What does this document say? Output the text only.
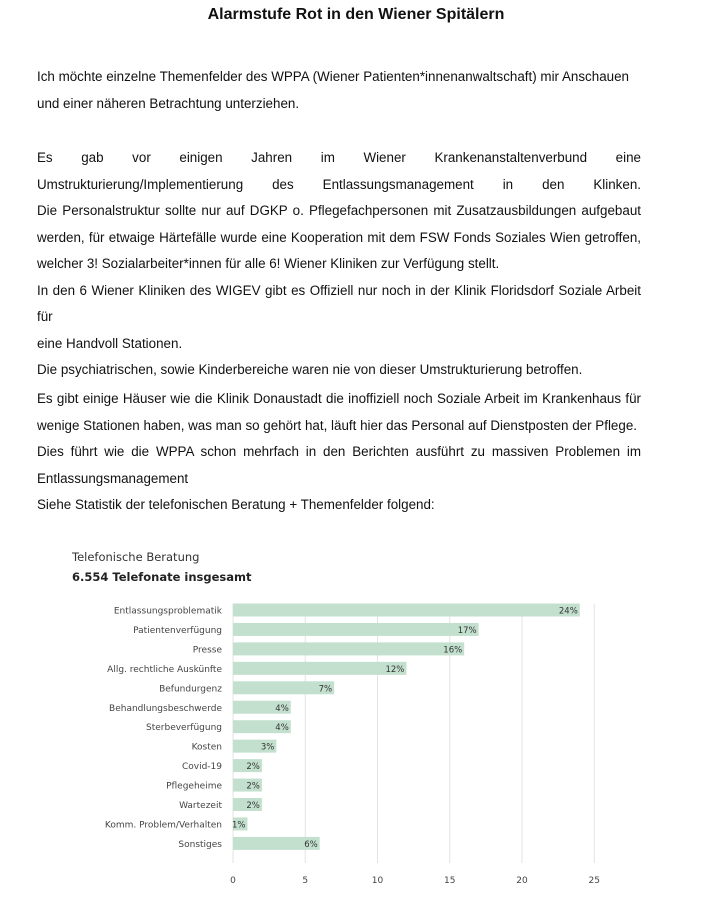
Alarmstufe Rot in den Wiener Spitälern
Ich möchte einzelne Themenfelder des WPPA (Wiener Patienten*innenanwaltschaft) mir Anschauen
und einer näheren Betrachtung unterziehen.
Es gab vor einigen Jahren im Wiener Krankenanstaltenverbund eine
Umstrukturierung/Implementierung des Entlassungsmanagement in den Klinken.
Die Personalstruktur sollte nur auf DGKP o. Pflegefachpersonen mit Zusatzausbildungen aufgebaut
werden, für etwaige Härtefälle wurde eine Kooperation mit dem FSW Fonds Soziales Wien getroffen,
welcher 3! Sozialarbeiter*innen für alle 6! Wiener Kliniken zur Verfügung stellt.
In den 6 Wiener Kliniken des WIGEV gibt es Offiziell nur noch in der Klinik Floridsdorf Soziale Arbeit für
eine Handvoll Stationen.
Die psychiatrischen, sowie Kinderbereiche waren nie von dieser Umstrukturierung betroffen.
Es gibt einige Häuser wie die Klinik Donaustadt die inoffiziell noch Soziale Arbeit im Krankenhaus für
wenige Stationen haben, was man so gehört hat, läuft hier das Personal auf Dienstposten der Pflege.
Dies führt wie die WPPA schon mehrfach in den Berichten ausführt zu massiven Problemen im
Entlassungsmanagement
Siehe Statistik der telefonischen Beratung + Themenfelder folgend:
Telefonische Beratung
6.554 Telefonate insgesamt
Entlassungsproblematik
Patientenverfügung
Presse
Allg. rechtliche Auskünfte
Befundurgenz
Behandlungsbeschwerde
Sterbeverfügung
Kosten
Covid-19
Pflegeheime
Wartezeit
Komm. Problem/Verhalten
Sonstiges
24%
17%
16%
12%
7%
4%
4%
3%
2%
2%
2%
1%
6%
0	5	10	15	20	25
